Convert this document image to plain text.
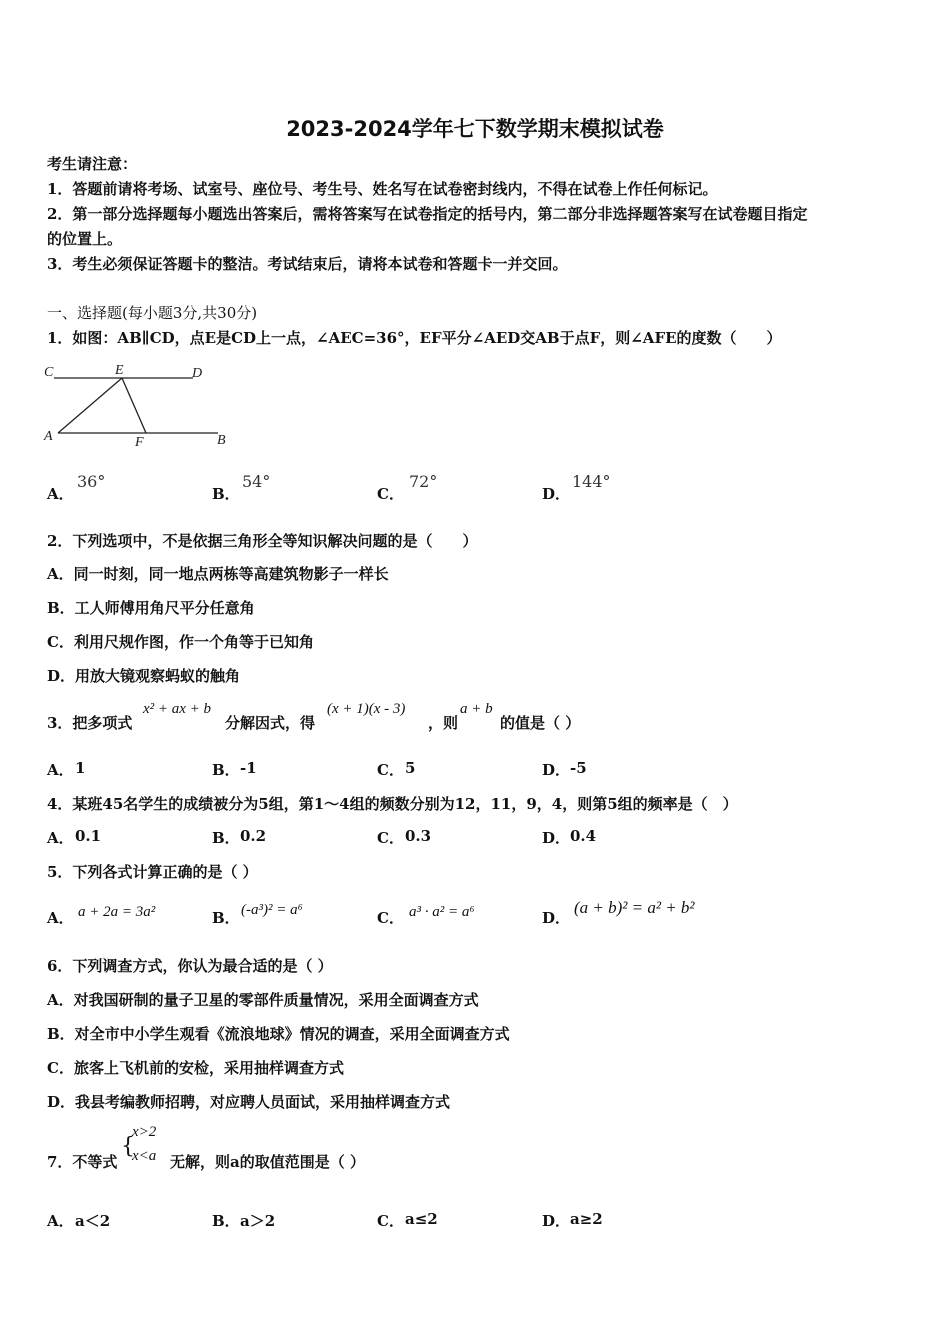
2023-2024学年七下数学期末模拟试卷
考生请注意：
1．答题前请将考场、试室号、座位号、考生号、姓名写在试卷密封线内，不得在试卷上作任何标记。
2．第一部分选择题每小题选出答案后，需将答案写在试卷指定的括号内，第二部分非选择题答案写在试卷题目指定
的位置上。
3．考生必须保证答题卡的整洁。考试结束后，请将本试卷和答题卡一并交回。
一、选择题(每小题3分,共30分)
1．如图：AB∥CD，点E是CD上一点，∠AEC=36°，EF平分∠AED交AB于点F，则∠AFE的度数（　　）
C	E	D
A	F	B
A．
36°
B．
54°
C．
72°
D．
144°
2．下列选项中，不是依据三角形全等知识解决问题的是（　　）
A．同一时刻，同一地点两栋等高建筑物影子一样长
B．工人师傅用角尺平分任意角
C．利用尺规作图，作一个角等于已知角
D．用放大镜观察蚂蚁的触角
3．把多项式
x² + ax + b
分解因式，得
(x + 1)(x - 3)
，则
a + b
的值是（ ）
A． 1	B． -1	C． 5	D． -5
4．某班45名学生的成绩被分为5组，第1～4组的频数分别为12，11，9，4，则第5组的频率是（　）
A． 0.1	B． 0.2	C． 0.3	D． 0.4
5．下列各式计算正确的是（ ）
A． a + 2a = 3a²	B． (-a³)² = a⁶	C． a³ · a² = a⁶	D．
(a + b)² = a² + b²
6．下列调查方式，你认为最合适的是（ ）
A．对我国研制的量子卫星的零部件质量情况，采用全面调查方式
B．对全市中小学生观看《流浪地球》情况的调查，采用全面调查方式
C．旅客上飞机前的安检，采用抽样调查方式
D．我县考编教师招聘，对应聘人员面试，采用抽样调查方式
7．不等式
{
x>2
x<a 无解，则a的取值范围是（ ）
A． a＜2	B． a＞2	C． a≤2	D． a≥2
